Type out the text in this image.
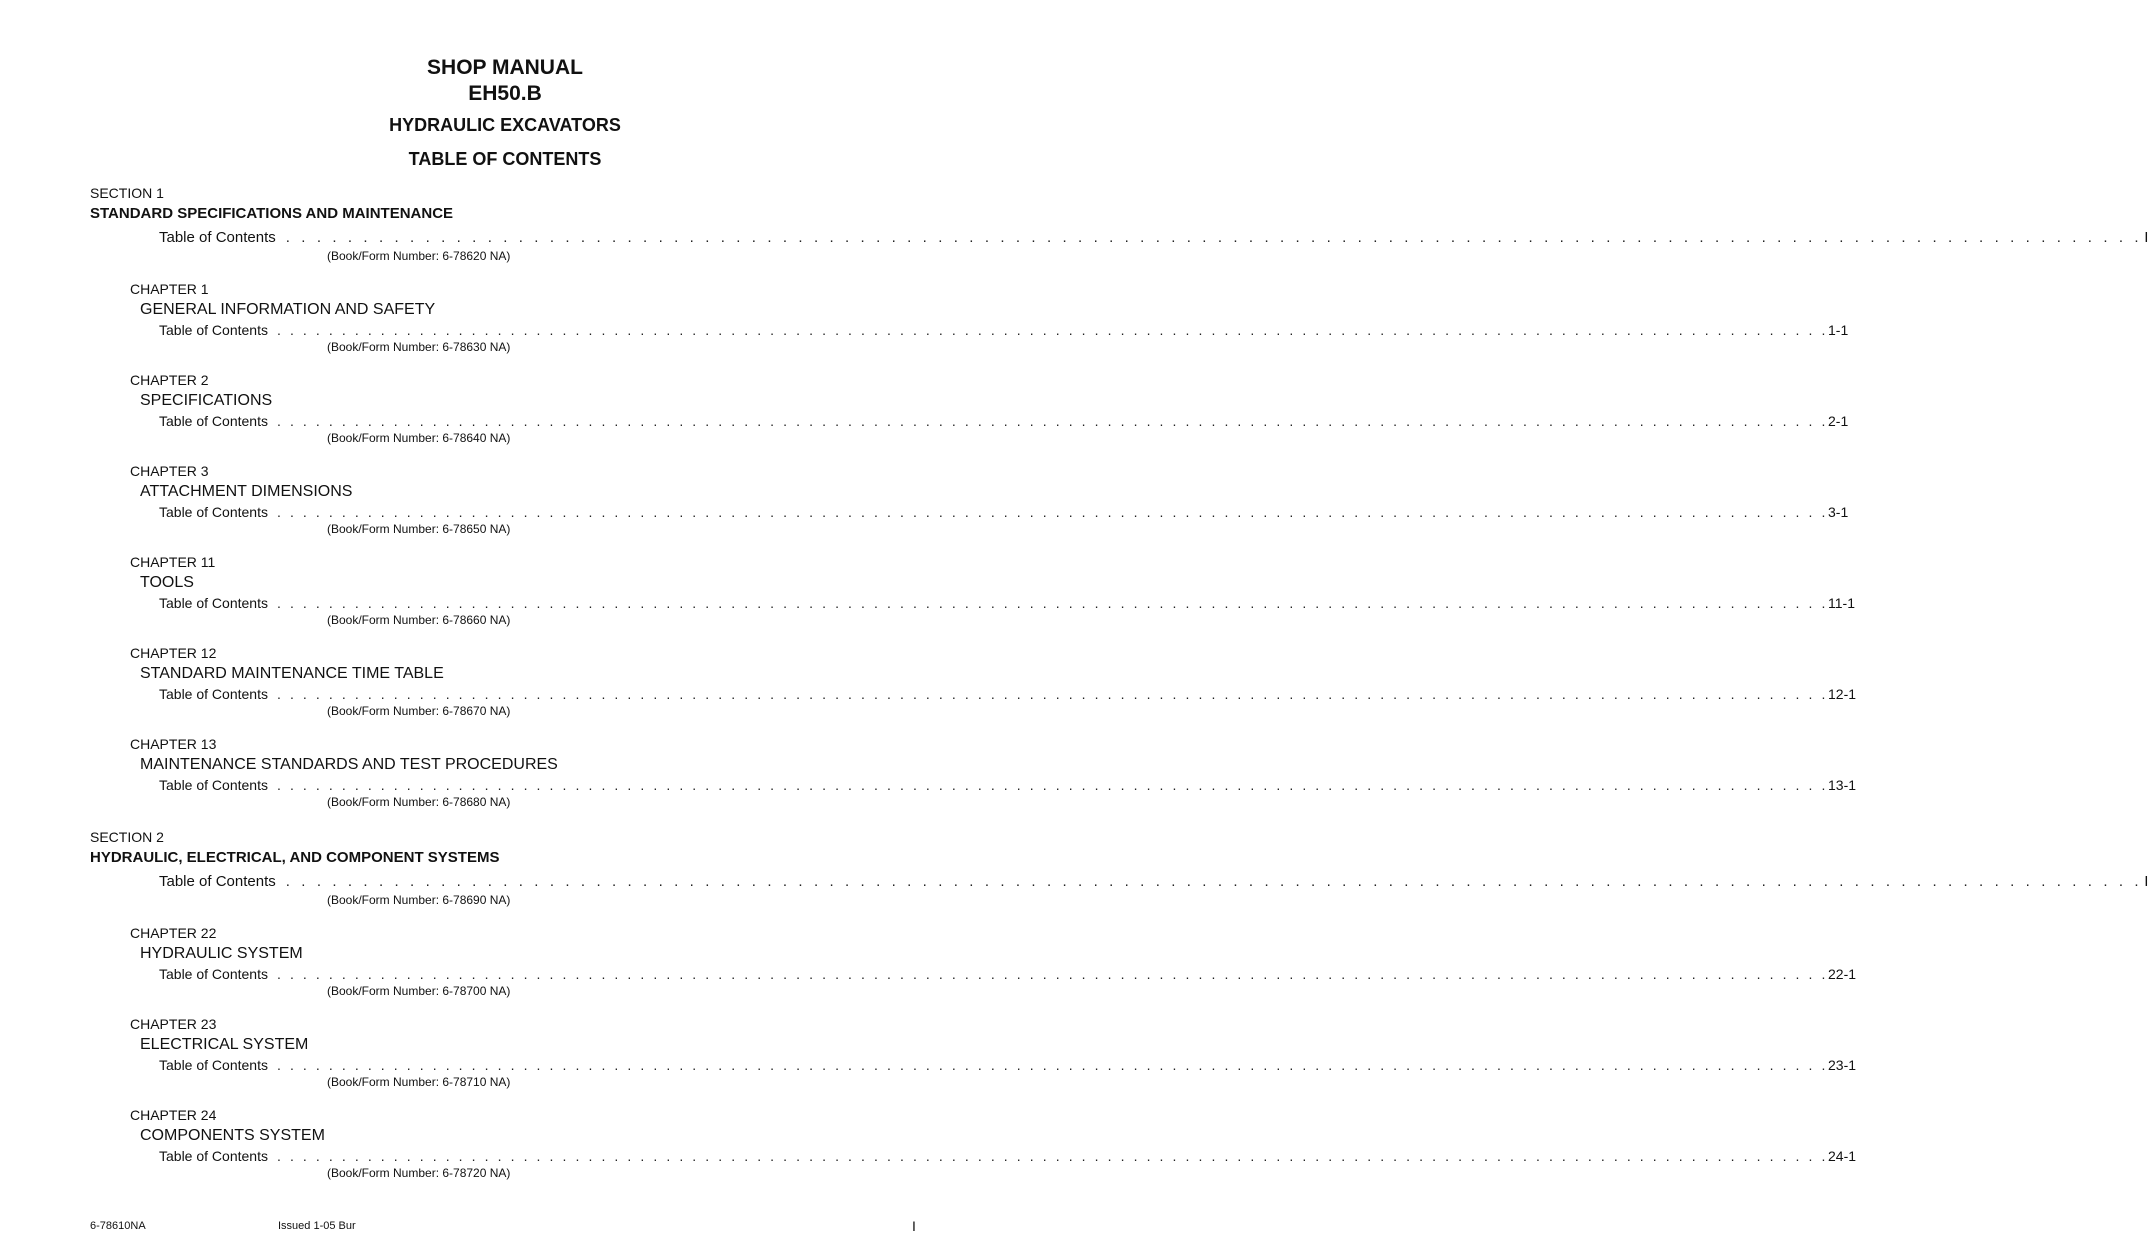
SHOP MANUAL
EH50.B
HYDRAULIC EXCAVATORS
TABLE OF CONTENTS
SECTION 1
STANDARD SPECIFICATIONS AND MAINTENANCE
Table of Contents . . . . . . . . . . . . . . . . . . . . . . . . . . . . . . . . . . . . . . . . . . . . . . . . . . . . . . . . . . . . . . . . . . . . . . . . . . . . . . . . . . . . . . . . . . . . . . . . . . . . . . . . . . . . . . . . . . . . . . . . I
(Book/Form Number: 6-78620 NA)
CHAPTER 1
GENERAL INFORMATION AND SAFETY
Table of Contents . . . . . . . . . . . . . . . . . . . . . . . . . . . . . . . . . . . . . . . . . . . . . . . . . . . . . . . . . . . . . . . . . . . . . . . . . . . . . . . . . . . . . . . . . . . . . . . . . . . . . . . . . . . . . . . . . . . . . . . . 1-1
(Book/Form Number: 6-78630 NA)
CHAPTER 2
SPECIFICATIONS
Table of Contents . . . . . . . . . . . . . . . . . . . . . . . . . . . . . . . . . . . . . . . . . . . . . . . . . . . . . . . . . . . . . . . . . . . . . . . . . . . . . . . . . . . . . . . . . . . . . . . . . . . . . . . . . . . . . . . . . . . . . . . . 2-1
(Book/Form Number: 6-78640 NA)
CHAPTER 3
ATTACHMENT DIMENSIONS
Table of Contents . . . . . . . . . . . . . . . . . . . . . . . . . . . . . . . . . . . . . . . . . . . . . . . . . . . . . . . . . . . . . . . . . . . . . . . . . . . . . . . . . . . . . . . . . . . . . . . . . . . . . . . . . . . . . . . . . . . . . . . . 3-1
(Book/Form Number: 6-78650 NA)
CHAPTER 11
TOOLS
Table of Contents . . . . . . . . . . . . . . . . . . . . . . . . . . . . . . . . . . . . . . . . . . . . . . . . . . . . . . . . . . . . . . . . . . . . . . . . . . . . . . . . . . . . . . . . . . . . . . . . . . . . . . . . . . . . . . . . . . . . . . . . 11-1
(Book/Form Number: 6-78660 NA)
CHAPTER 12
STANDARD MAINTENANCE TIME TABLE
Table of Contents . . . . . . . . . . . . . . . . . . . . . . . . . . . . . . . . . . . . . . . . . . . . . . . . . . . . . . . . . . . . . . . . . . . . . . . . . . . . . . . . . . . . . . . . . . . . . . . . . . . . . . . . . . . . . . . . . . . . . . . . 12-1
(Book/Form Number: 6-78670 NA)
CHAPTER 13
MAINTENANCE STANDARDS AND TEST PROCEDURES
Table of Contents . . . . . . . . . . . . . . . . . . . . . . . . . . . . . . . . . . . . . . . . . . . . . . . . . . . . . . . . . . . . . . . . . . . . . . . . . . . . . . . . . . . . . . . . . . . . . . . . . . . . . . . . . . . . . . . . . . . . . . . . 13-1
(Book/Form Number: 6-78680 NA)
SECTION 2
HYDRAULIC, ELECTRICAL, AND COMPONENT SYSTEMS
Table of Contents . . . . . . . . . . . . . . . . . . . . . . . . . . . . . . . . . . . . . . . . . . . . . . . . . . . . . . . . . . . . . . . . . . . . . . . . . . . . . . . . . . . . . . . . . . . . . . . . . . . . . . . . . . . . . . . . . . . . . . . . I
(Book/Form Number: 6-78690 NA)
CHAPTER 22
HYDRAULIC SYSTEM
Table of Contents . . . . . . . . . . . . . . . . . . . . . . . . . . . . . . . . . . . . . . . . . . . . . . . . . . . . . . . . . . . . . . . . . . . . . . . . . . . . . . . . . . . . . . . . . . . . . . . . . . . . . . . . . . . . . . . . . . . . . . . . 22-1
(Book/Form Number: 6-78700 NA)
CHAPTER 23
ELECTRICAL SYSTEM
Table of Contents . . . . . . . . . . . . . . . . . . . . . . . . . . . . . . . . . . . . . . . . . . . . . . . . . . . . . . . . . . . . . . . . . . . . . . . . . . . . . . . . . . . . . . . . . . . . . . . . . . . . . . . . . . . . . . . . . . . . . . . . 23-1
(Book/Form Number: 6-78710 NA)
CHAPTER 24
COMPONENTS SYSTEM
Table of Contents . . . . . . . . . . . . . . . . . . . . . . . . . . . . . . . . . . . . . . . . . . . . . . . . . . . . . . . . . . . . . . . . . . . . . . . . . . . . . . . . . . . . . . . . . . . . . . . . . . . . . . . . . . . . . . . . . . . . . . . . 24-1
(Book/Form Number: 6-78720 NA)
6-78610NA	Issued 1-05 Bur	I
